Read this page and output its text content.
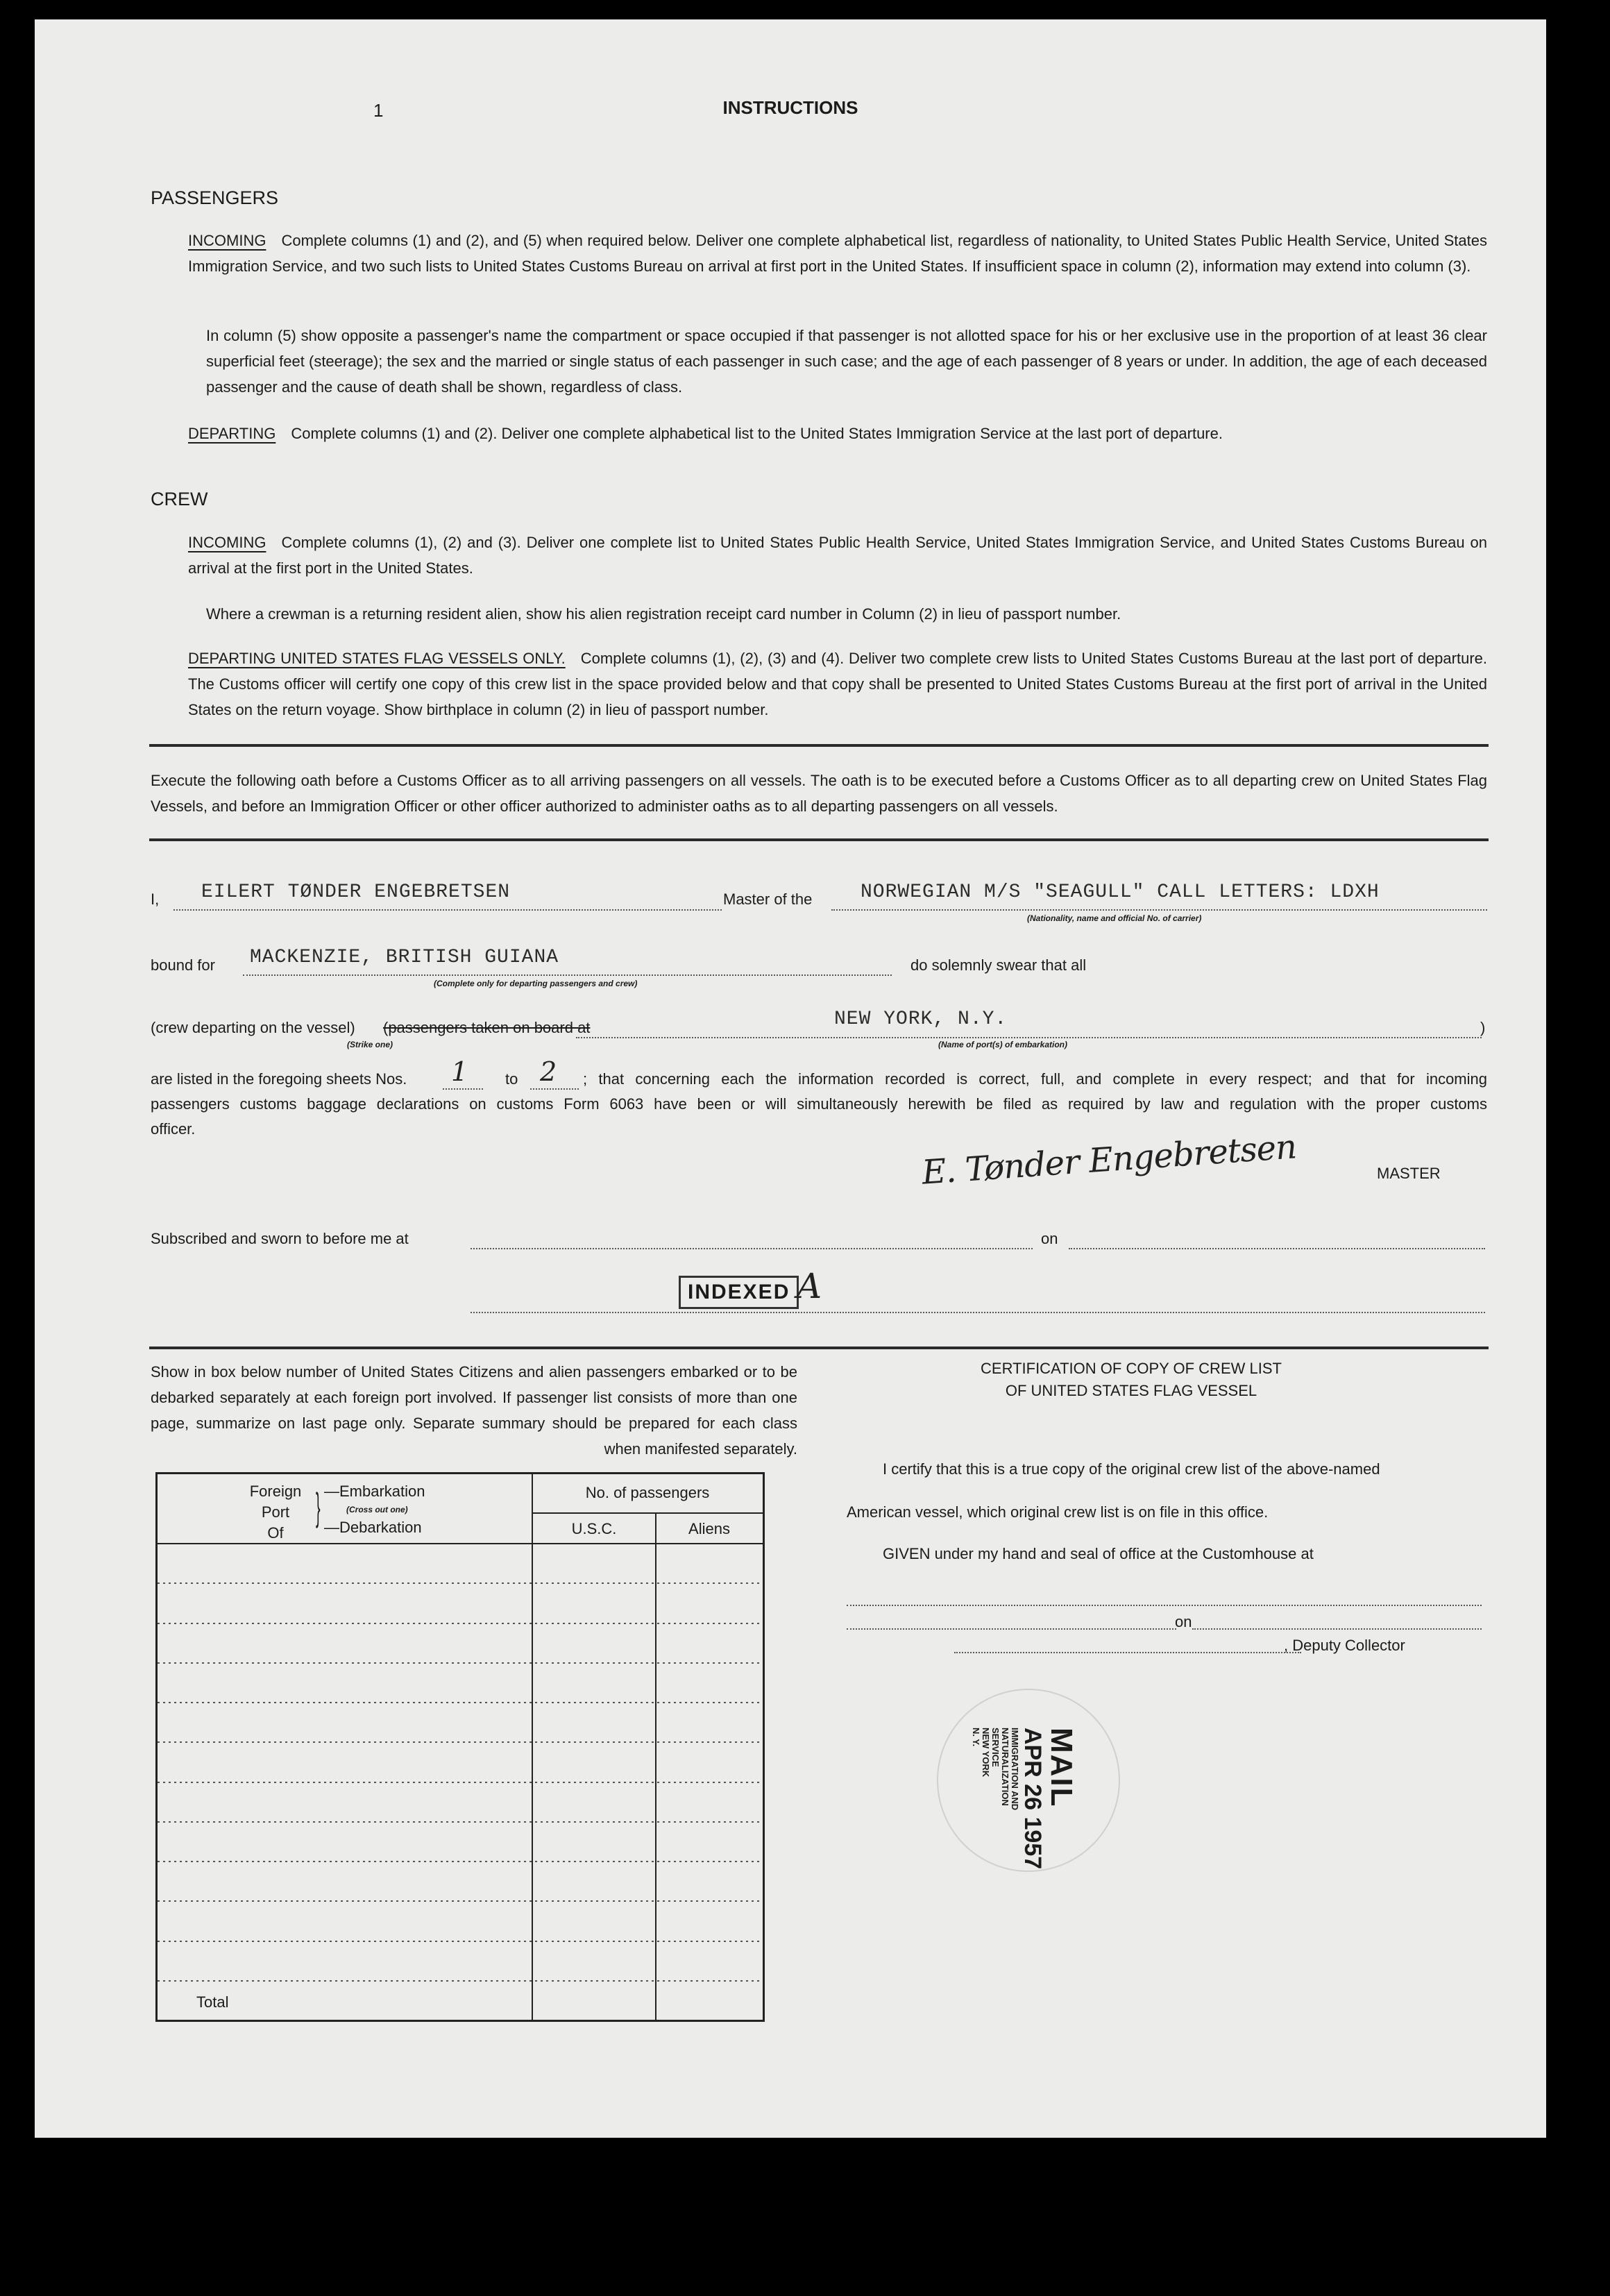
1	INSTRUCTIONS
PASSENGERS
INCOMING Complete columns (1) and (2), and (5) when required below. Deliver one complete alphabetical list, regardless of nationality, to United States Public Health Service, United States Immigration Service, and two such lists to United States Customs Bureau on arrival at first port in the United States. If insufficient space in column (2), information may extend into column (3).
In column (5) show opposite a passenger's name the compartment or space occupied if that passenger is not allotted space for his or her exclusive use in the proportion of at least 36 clear superficial feet (steerage); the sex and the married or single status of each passenger in such case; and the age of each passenger of 8 years or under. In addition, the age of each deceased passenger and the cause of death shall be shown, regardless of class.
DEPARTING Complete columns (1) and (2). Deliver one complete alphabetical list to the United States Immigration Service at the last port of departure.
CREW
INCOMING Complete columns (1), (2) and (3). Deliver one complete list to United States Public Health Service, United States Immigration Service, and United States Customs Bureau on arrival at the first port in the United States.
Where a crewman is a returning resident alien, show his alien registration receipt card number in Column (2) in lieu of passport number.
DEPARTING UNITED STATES FLAG VESSELS ONLY. Complete columns (1), (2), (3) and (4). Deliver two complete crew lists to United States Customs Bureau at the last port of departure. The Customs officer will certify one copy of this crew list in the space provided below and that copy shall be presented to United States Customs Bureau at the first port of arrival in the United States on the return voyage. Show birthplace in column (2) in lieu of passport number.
Execute the following oath before a Customs Officer as to all arriving passengers on all vessels. The oath is to be executed before a Customs Officer as to all departing crew on United States Flag Vessels, and before an Immigration Officer or other officer authorized to administer oaths as to all departing passengers on all vessels.
I, EILERT TØNDER ENGEBRETSEN	Master of the NORWEGIAN M/S "SEAGULL" CALL LETTERS: LDXH
(Nationality, name and official No. of carrier)
bound for MACKENZIE, BRITISH GUIANA
(Complete only for departing passengers and crew)
do solemnly swear that all
(crew departing on the vessel) (passengers taken on board at
(Strike one)
NEW YORK, N.Y.
(Name of port(s) of embarkation)
)
are listed in the foregoing sheets Nos. 1 to 2 ; that concerning each the information recorded is correct, full, and complete in every respect; and that for incoming
passengers customs baggage declarations on customs Form 6063 have been or will simultaneously herewith be filed as required by law and regulation with the proper customs
officer.	E. Tønder Engebretsen	MASTER
Subscribed and sworn to before me at	on
INDEXED A
Show in box below number of United States Citizens and alien passengers embarked or to be debarked separately at each foreign port involved. If passenger list consists of more than one page, summarize on last page only. Separate summary should be prepared for each class when manifested separately.
Foreign
Port
Of
} —Embarkation
(Cross out one)
—Debarkation
No. of passengers
U.S.C.	Aliens
Total
CERTIFICATION OF COPY OF CREW LIST
OF UNITED STATES FLAG VESSEL
I certify that this is a true copy of the original crew list of the above-named
American vessel, which original crew list is on file in this office.
GIVEN under my hand and seal of office at the Customhouse at
on
, Deputy Collector
MAIL
APR 26 1957
IMMIGRATION AND
NATURALIZATION
SERVICE
NEW YORK
N. Y.
